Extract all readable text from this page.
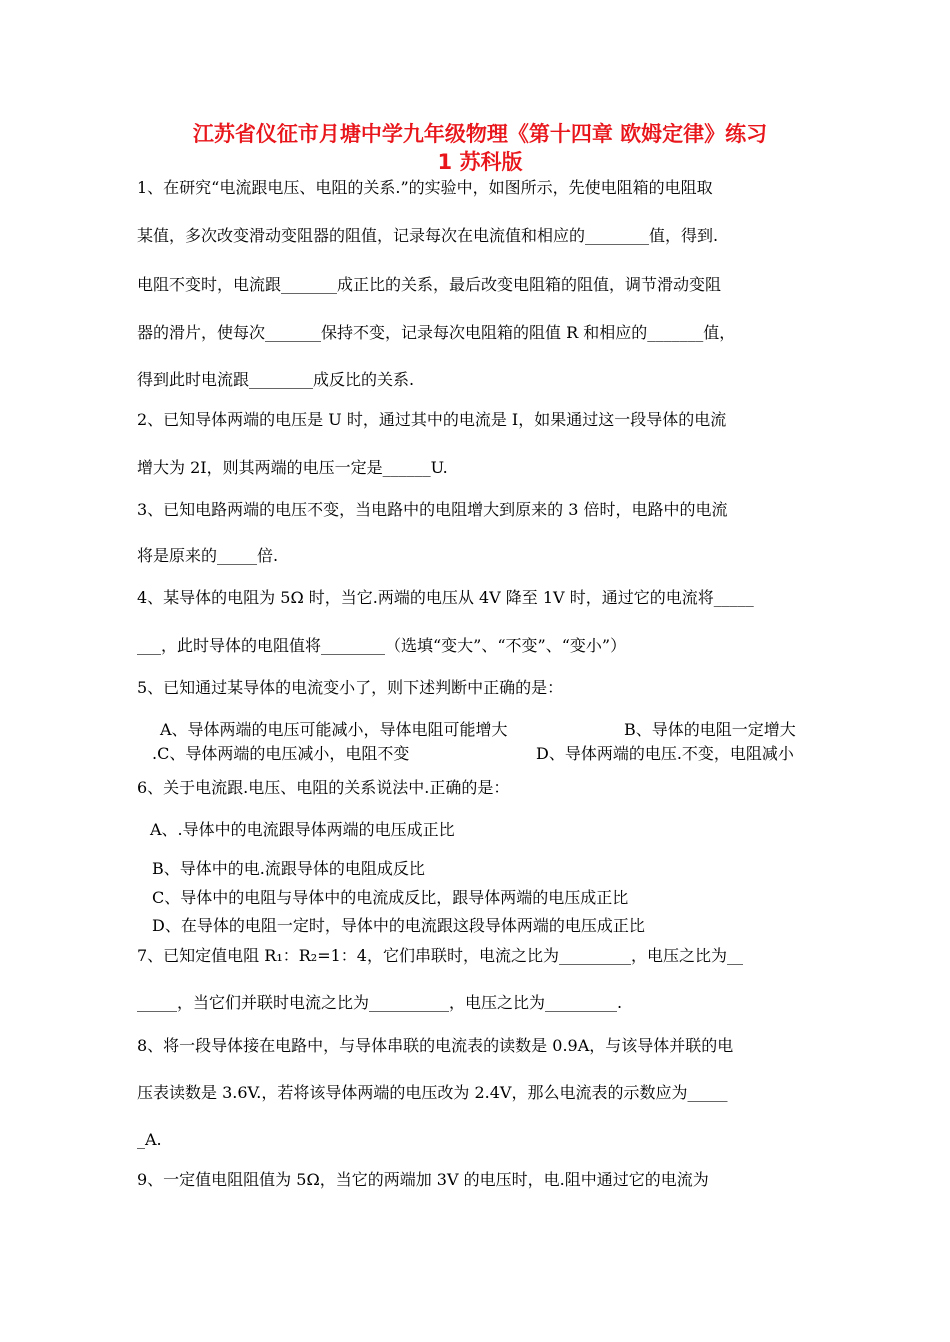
江苏省仪征市月塘中学九年级物理《第十四章 欧姆定律》练习
1 苏科版
1、在研究“电流跟电压、电阻的关系.”的实验中，如图所示，先使电阻箱的电阻取
某值，多次改变滑动变阻器的阻值，记录每次在电流值和相应的________值，得到.
电阻不变时，电流跟_______成正比的关系，最后改变电阻箱的阻值，调节滑动变阻
器的滑片，使每次_______保持不变，记录每次电阻箱的阻值 R 和相应的_______值，
得到此时电流跟________成反比的关系.
2、已知导体两端的电压是 U 时，通过其中的电流是 I，如果通过这一段导体的电流
增大为 2I，则其两端的电压一定是______U.
3、已知电路两端的电压不变，当电路中的电阻增大到原来的 3 倍时，电路中的电流
将是原来的_____倍.
4、某导体的电阻为 5Ω 时，当它.两端的电压从 4V 降至 1V 时，通过它的电流将_____
___，此时导体的电阻值将________（选填“变大”、“不变”、“变小”）
5、已知通过某导体的电流变小了，则下述判断中正确的是：
A、导体两端的电压可能减小，导体电阻可能增大	B、导体的电阻一定增大
.C、导体两端的电压减小，电阻不变	D、导体两端的电压.不变，电阻减小
6、关于电流跟.电压、电阻的关系说法中.正确的是：
A、.导体中的电流跟导体两端的电压成正比
B、导体中的电.流跟导体的电阻成反比
C、导体中的电阻与导体中的电流成反比，跟导体两端的电压成正比
D、在导体的电阻一定时，导体中的电流跟这段导体两端的电压成正比
7、已知定值电阻 R₁：R₂=1：4，它们串联时，电流之比为_________，电压之比为__
_____，当它们并联时电流之比为__________，电压之比为_________.
8、将一段导体接在电路中，与导体串联的电流表的读数是 0.9A，与该导体并联的电
压表读数是 3.6V.，若将该导体两端的电压改为 2.4V，那么电流表的示数应为_____
_A.
9、一定值电阻阻值为 5Ω，当它的两端加 3V 的电压时，电.阻中通过它的电流为
